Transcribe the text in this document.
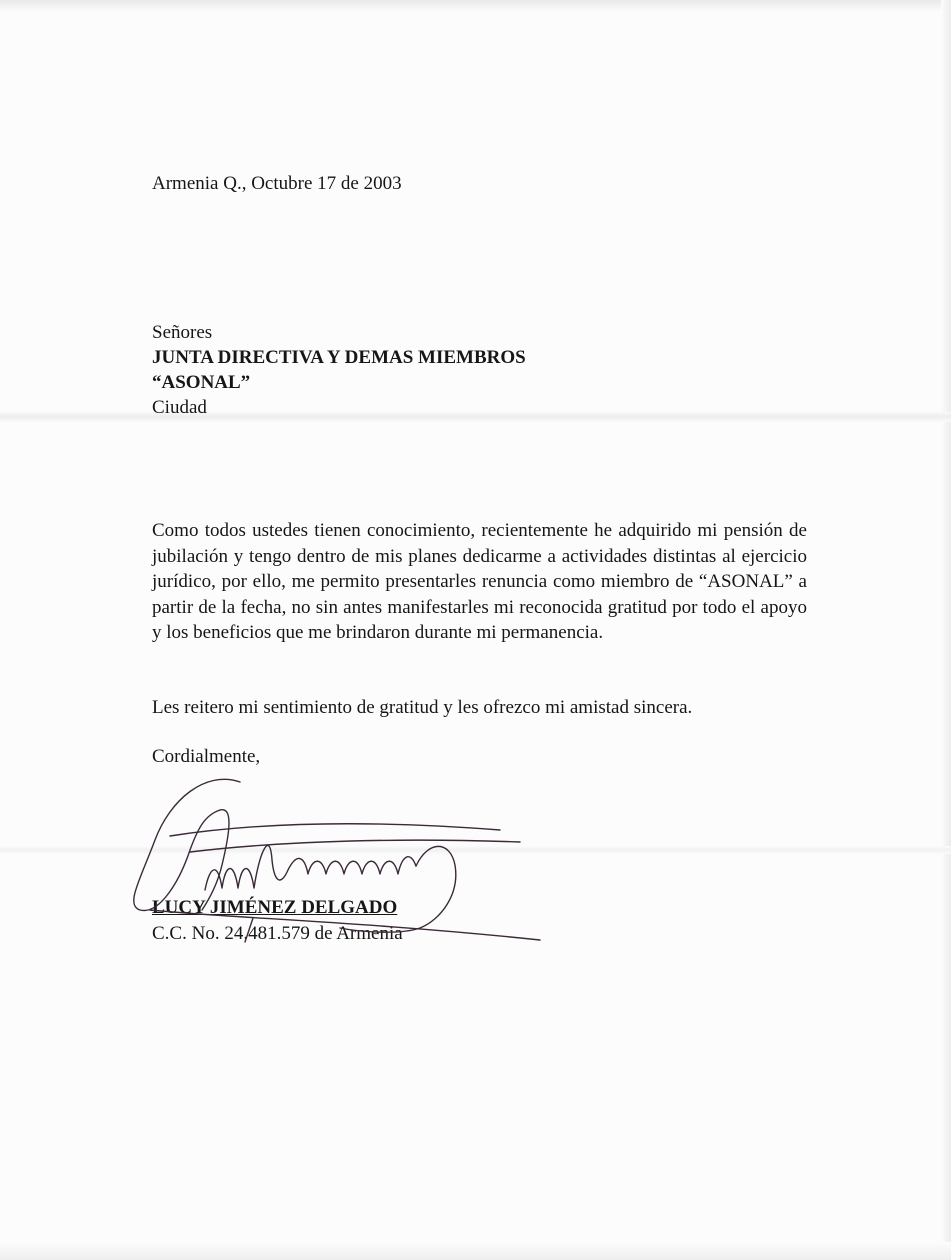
Armenia Q., Octubre 17 de 2003
Señores
JUNTA DIRECTIVA Y DEMAS MIEMBROS
“ASONAL”
Ciudad
Como todos ustedes tienen conocimiento, recientemente he adquirido mi pensión de jubilación y tengo dentro de mis planes dedicarme a actividades distintas al ejercicio jurídico, por ello, me permito presentarles renuncia como miembro de “ASONAL” a partir de la fecha, no sin antes manifestarles mi reconocida gratitud por todo el apoyo y los beneficios que me brindaron durante mi permanencia.
Les reitero mi sentimiento de gratitud y les ofrezco mi amistad sincera.
Cordialmente,
LUCY JIMÉNEZ DELGADO
C.C. No. 24.481.579 de Armenia
